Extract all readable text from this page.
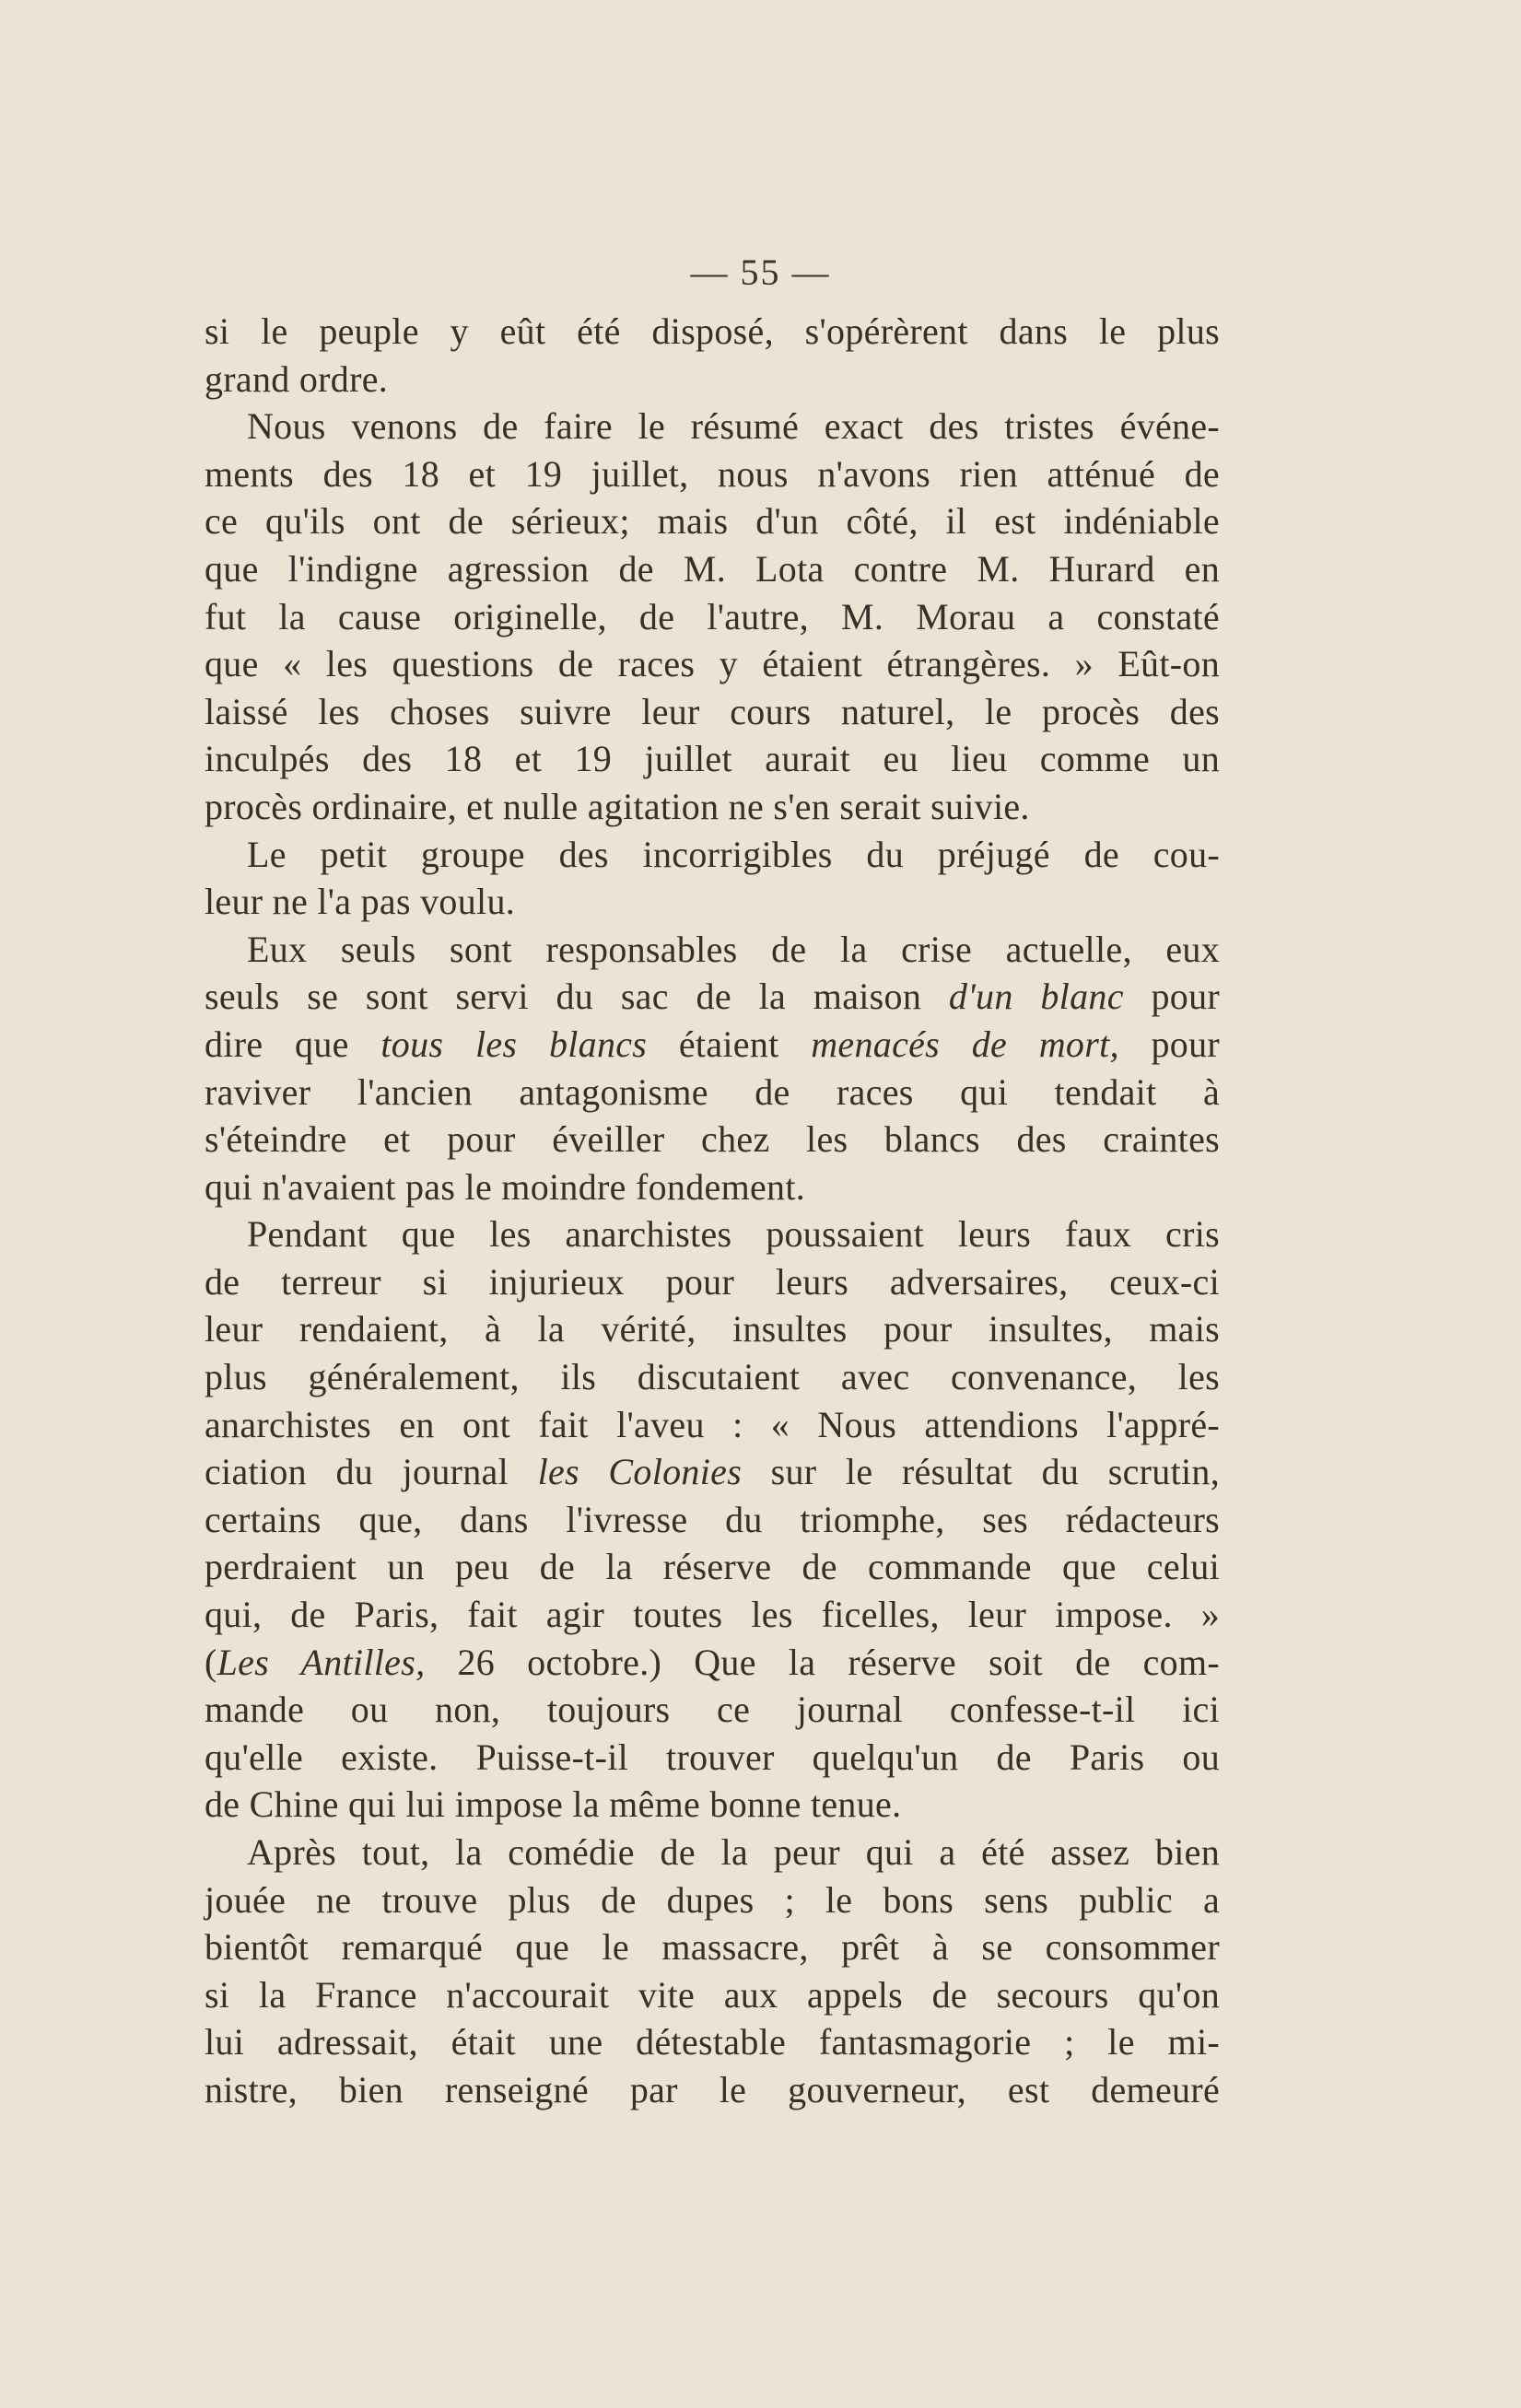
— 55 —
si le peuple y eût été disposé, s'opérèrent dans le plus
grand ordre.
Nous venons de faire le résumé exact des tristes événe-
ments des 18 et 19 juillet, nous n'avons rien atténué de
ce qu'ils ont de sérieux; mais d'un côté, il est indéniable
que l'indigne agression de M. Lota contre M. Hurard en
fut la cause originelle, de l'autre, M. Morau a constaté
que « les questions de races y étaient étrangères. » Eût-on
laissé les choses suivre leur cours naturel, le procès des
inculpés des 18 et 19 juillet aurait eu lieu comme un
procès ordinaire, et nulle agitation ne s'en serait suivie.
Le petit groupe des incorrigibles du préjugé de cou-
leur ne l'a pas voulu.
Eux seuls sont responsables de la crise actuelle, eux
seuls se sont servi du sac de la maison d'un blanc pour
dire que tous les blancs étaient menacés de mort, pour
raviver l'ancien antagonisme de races qui tendait à
s'éteindre et pour éveiller chez les blancs des craintes
qui n'avaient pas le moindre fondement.
Pendant que les anarchistes poussaient leurs faux cris
de terreur si injurieux pour leurs adversaires, ceux-ci
leur rendaient, à la vérité, insultes pour insultes, mais
plus généralement, ils discutaient avec convenance, les
anarchistes en ont fait l'aveu : « Nous attendions l'appré-
ciation du journal les Colonies sur le résultat du scrutin,
certains que, dans l'ivresse du triomphe, ses rédacteurs
perdraient un peu de la réserve de commande que celui
qui, de Paris, fait agir toutes les ficelles, leur impose. »
(Les Antilles, 26 octobre.) Que la réserve soit de com-
mande ou non, toujours ce journal confesse-t-il ici
qu'elle existe. Puisse-t-il trouver quelqu'un de Paris ou
de Chine qui lui impose la même bonne tenue.
Après tout, la comédie de la peur qui a été assez bien
jouée ne trouve plus de dupes ; le bons sens public a
bientôt remarqué que le massacre, prêt à se consommer
si la France n'accourait vite aux appels de secours qu'on
lui adressait, était une détestable fantasmagorie ; le mi-
nistre, bien renseigné par le gouverneur, est demeuré
